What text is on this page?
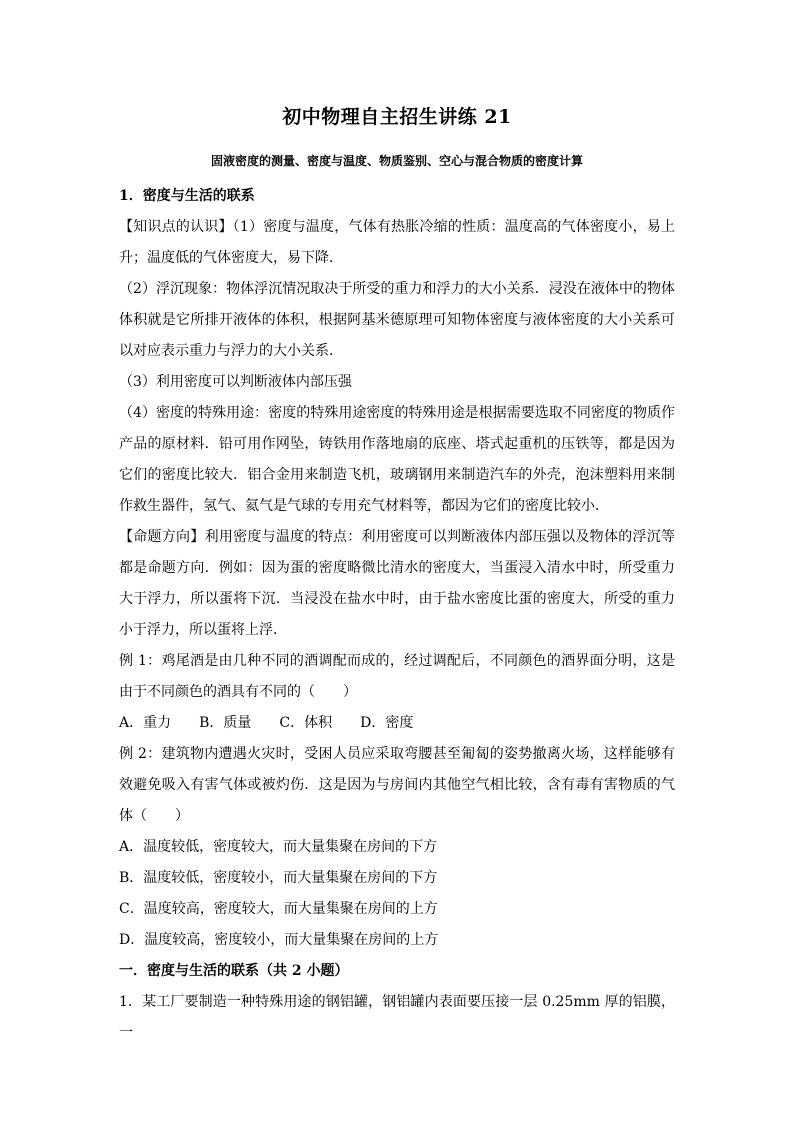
初中物理自主招生讲练 21
固液密度的测量、密度与温度、物质鉴别、空心与混合物质的密度计算

1．密度与生活的联系

【知识点的认识】（1）密度与温度，气体有热胀冷缩的性质：温度高的气体密度小，易上升；温度低的气体密度大，易下降．

（2）浮沉现象：物体浮沉情况取决于所受的重力和浮力的大小关系．浸没在液体中的物体体积就是它所排开液体的体积，根据阿基米德原理可知物体密度与液体密度的大小关系可以对应表示重力与浮力的大小关系．

（3）利用密度可以判断液体内部压强

（4）密度的特殊用途：密度的特殊用途密度的特殊用途是根据需要选取不同密度的物质作产品的原材料．铅可用作网坠，铸铁用作落地扇的底座、塔式起重机的压铁等，都是因为它们的密度比较大．铝合金用来制造飞机，玻璃钢用来制造汽车的外壳，泡沫塑料用来制作救生器件，氢气、氦气是气球的专用充气材料等，都因为它们的密度比较小．

【命题方向】利用密度与温度的特点：利用密度可以判断液体内部压强以及物体的浮沉等都是命题方向．例如：因为蛋的密度略微比清水的密度大，当蛋浸入清水中时，所受重力大于浮力，所以蛋将下沉．当浸没在盐水中时，由于盐水密度比蛋的密度大，所受的重力小于浮力，所以蛋将上浮．

例 1：鸡尾酒是由几种不同的酒调配而成的，经过调配后，不同颜色的酒界面分明，这是由于不同颜色的酒具有不同的（　　）

A．重力　　 B．质量　　 C．体积　　 D．密度

例 2：建筑物内遭遇火灾时，受困人员应采取弯腰甚至匍匐的姿势撤离火场，这样能够有效避免吸入有害气体或被灼伤．这是因为与房间内其他空气相比较，含有毒有害物质的气体（　　）

A．温度较低，密度较大，而大量集聚在房间的下方

B．温度较低，密度较小，而大量集聚在房间的下方

C．温度较高，密度较大，而大量集聚在房间的上方

D．温度较高，密度较小，而大量集聚在房间的上方

一．密度与生活的联系（共 2 小题）

1．某工厂要制造一种特殊用途的钢铝罐，钢铝罐内表面要压接一层 0.25mm 厚的铝膜，一
